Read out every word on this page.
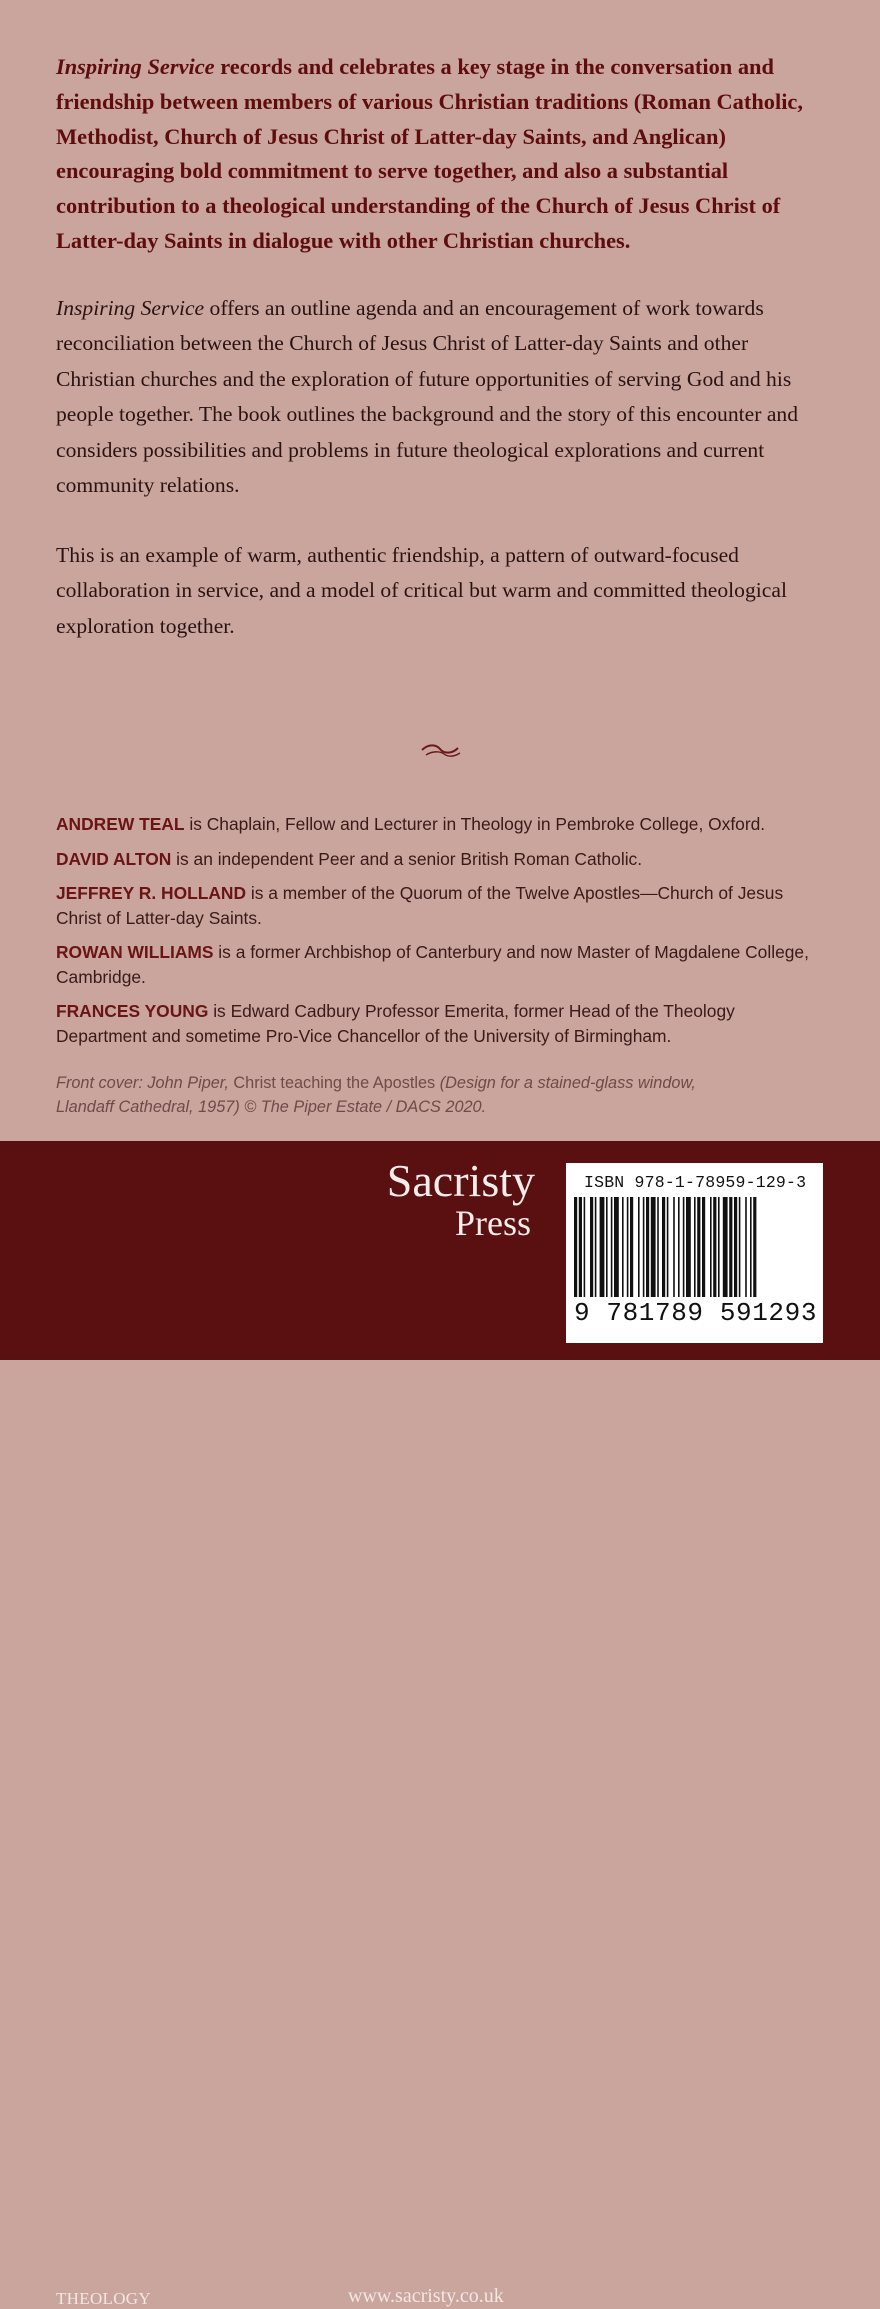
Inspiring Service records and celebrates a key stage in the conversation and friendship between members of various Christian traditions (Roman Catholic, Methodist, Church of Jesus Christ of Latter-day Saints, and Anglican) encouraging bold commitment to serve together, and also a substantial contribution to a theological understanding of the Church of Jesus Christ of Latter-day Saints in dialogue with other Christian churches.

Inspiring Service offers an outline agenda and an encouragement of work towards reconciliation between the Church of Jesus Christ of Latter-day Saints and other Christian churches and the exploration of future opportunities of serving God and his people together. The book outlines the background and the story of this encounter and considers possibilities and problems in future theological explorations and current community relations.

This is an example of warm, authentic friendship, a pattern of outward-focused collaboration in service, and a model of critical but warm and committed theological exploration together.

ANDREW TEAL is Chaplain, Fellow and Lecturer in Theology in Pembroke College, Oxford.

DAVID ALTON is an independent Peer and a senior British Roman Catholic.

JEFFREY R. HOLLAND is a member of the Quorum of the Twelve Apostles—Church of Jesus Christ of Latter-day Saints.

ROWAN WILLIAMS is a former Archbishop of Canterbury and now Master of Magdalene College, Cambridge.

FRANCES YOUNG is Edward Cadbury Professor Emerita, former Head of the Theology Department and sometime Pro-Vice Chancellor of the University of Birmingham.

Front cover: John Piper, Christ teaching the Apostles (Design for a stained-glass window, Llandaff Cathedral, 1957) © The Piper Estate / DACS 2020.
Sacristy
Press
THEOLOGY	www.sacristy.co.uk
ISBN 978-1-78959-129-3
9 781789 591293
